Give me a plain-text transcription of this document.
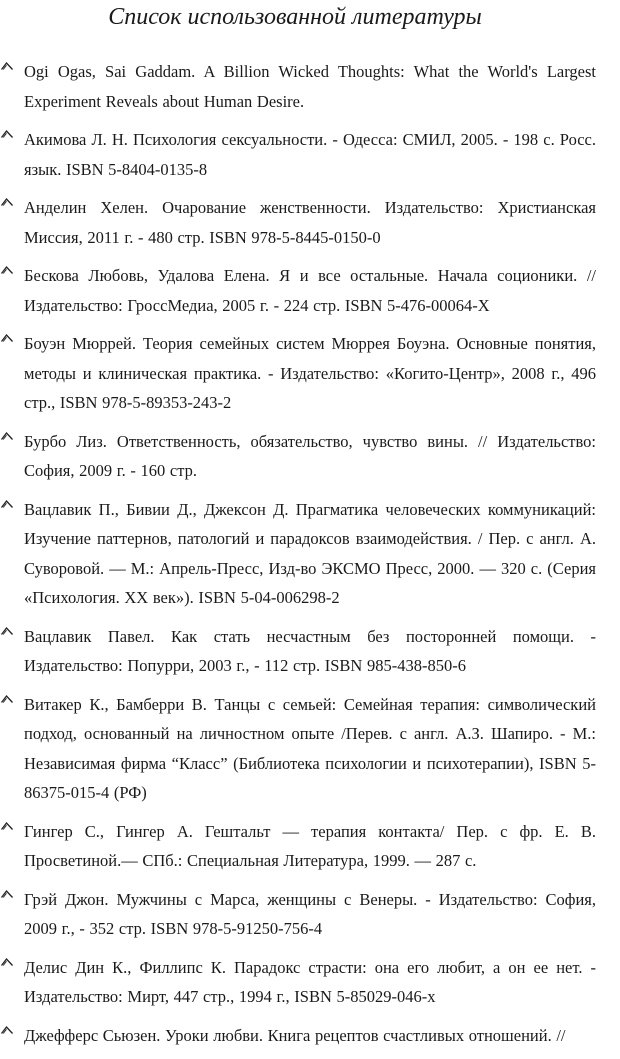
Список использованной литературы
Ogi Ogas, Sai Gaddam. A Billion Wicked Thoughts: What the World's Largest Experiment Reveals about Human Desire.
Акимова Л. Н. Психология сексуальности. - Одесса: СМИЛ, 2005. - 198 с. Росс. язык. ISBN 5-8404-0135-8
Анделин Хелен. Очарование женственности. Издательство: Христианская Миссия, 2011 г. - 480 стр. ISBN 978-5-8445-0150-0
Бескова Любовь, Удалова Елена. Я и все остальные. Начала соционики. // Издательство: ГроссМедиа, 2005 г. - 224 стр. ISBN 5-476-00064-X
Боуэн Мюррей. Теория семейных систем Мюррея Боуэна. Основные понятия, методы и клиническая практика. - Издательство: «Когито-Центр», 2008 г., 496 стр., ISBN 978-5-89353-243-2
Бурбо Лиз. Ответственность, обязательство, чувство вины. // Издательство: София, 2009 г. - 160 стр.
Вацлавик П., Бивии Д., Джексон Д. Прагматика человеческих коммуникаций: Изучение паттернов, патологий и парадоксов взаимодействия. / Пер. с англ. А. Суворовой. — М.: Апрель-Пресс, Изд-во ЭКСМО Пресс, 2000. — 320 с. (Серия «Психология. XX век»). ISBN 5-04-006298-2
Вацлавик Павел. Как стать несчастным без посторонней помощи. - Издательство: Попурри, 2003 г., - 112 стр. ISBN 985-438-850-6
Витакер К., Бамберри В. Танцы с семьей: Семейная терапия: символический подход, основанный на личностном опыте /Перев. с англ. А.З. Шапиро. - М.: Независимая фирма “Класс” (Библиотека психологии и психотерапии), ISBN 5-86375-015-4 (РФ)
Гингер С., Гингер А. Гештальт — терапия контакта/ Пер. с фр. Е. В. Просветиной.— СПб.: Специальная Литература, 1999. — 287 с.
Грэй Джон. Мужчины с Марса, женщины с Венеры. - Издательство: София, 2009 г., - 352 стр. ISBN 978-5-91250-756-4
Делис Дин К., Филлипс К. Парадокс страсти: она его любит, а он ее нет. - Издательство: Мирт, 447 стр., 1994 г., ISBN 5-85029-046-х
Джефферс Сьюзен. Уроки любви. Книга рецептов счастливых отношений. //
